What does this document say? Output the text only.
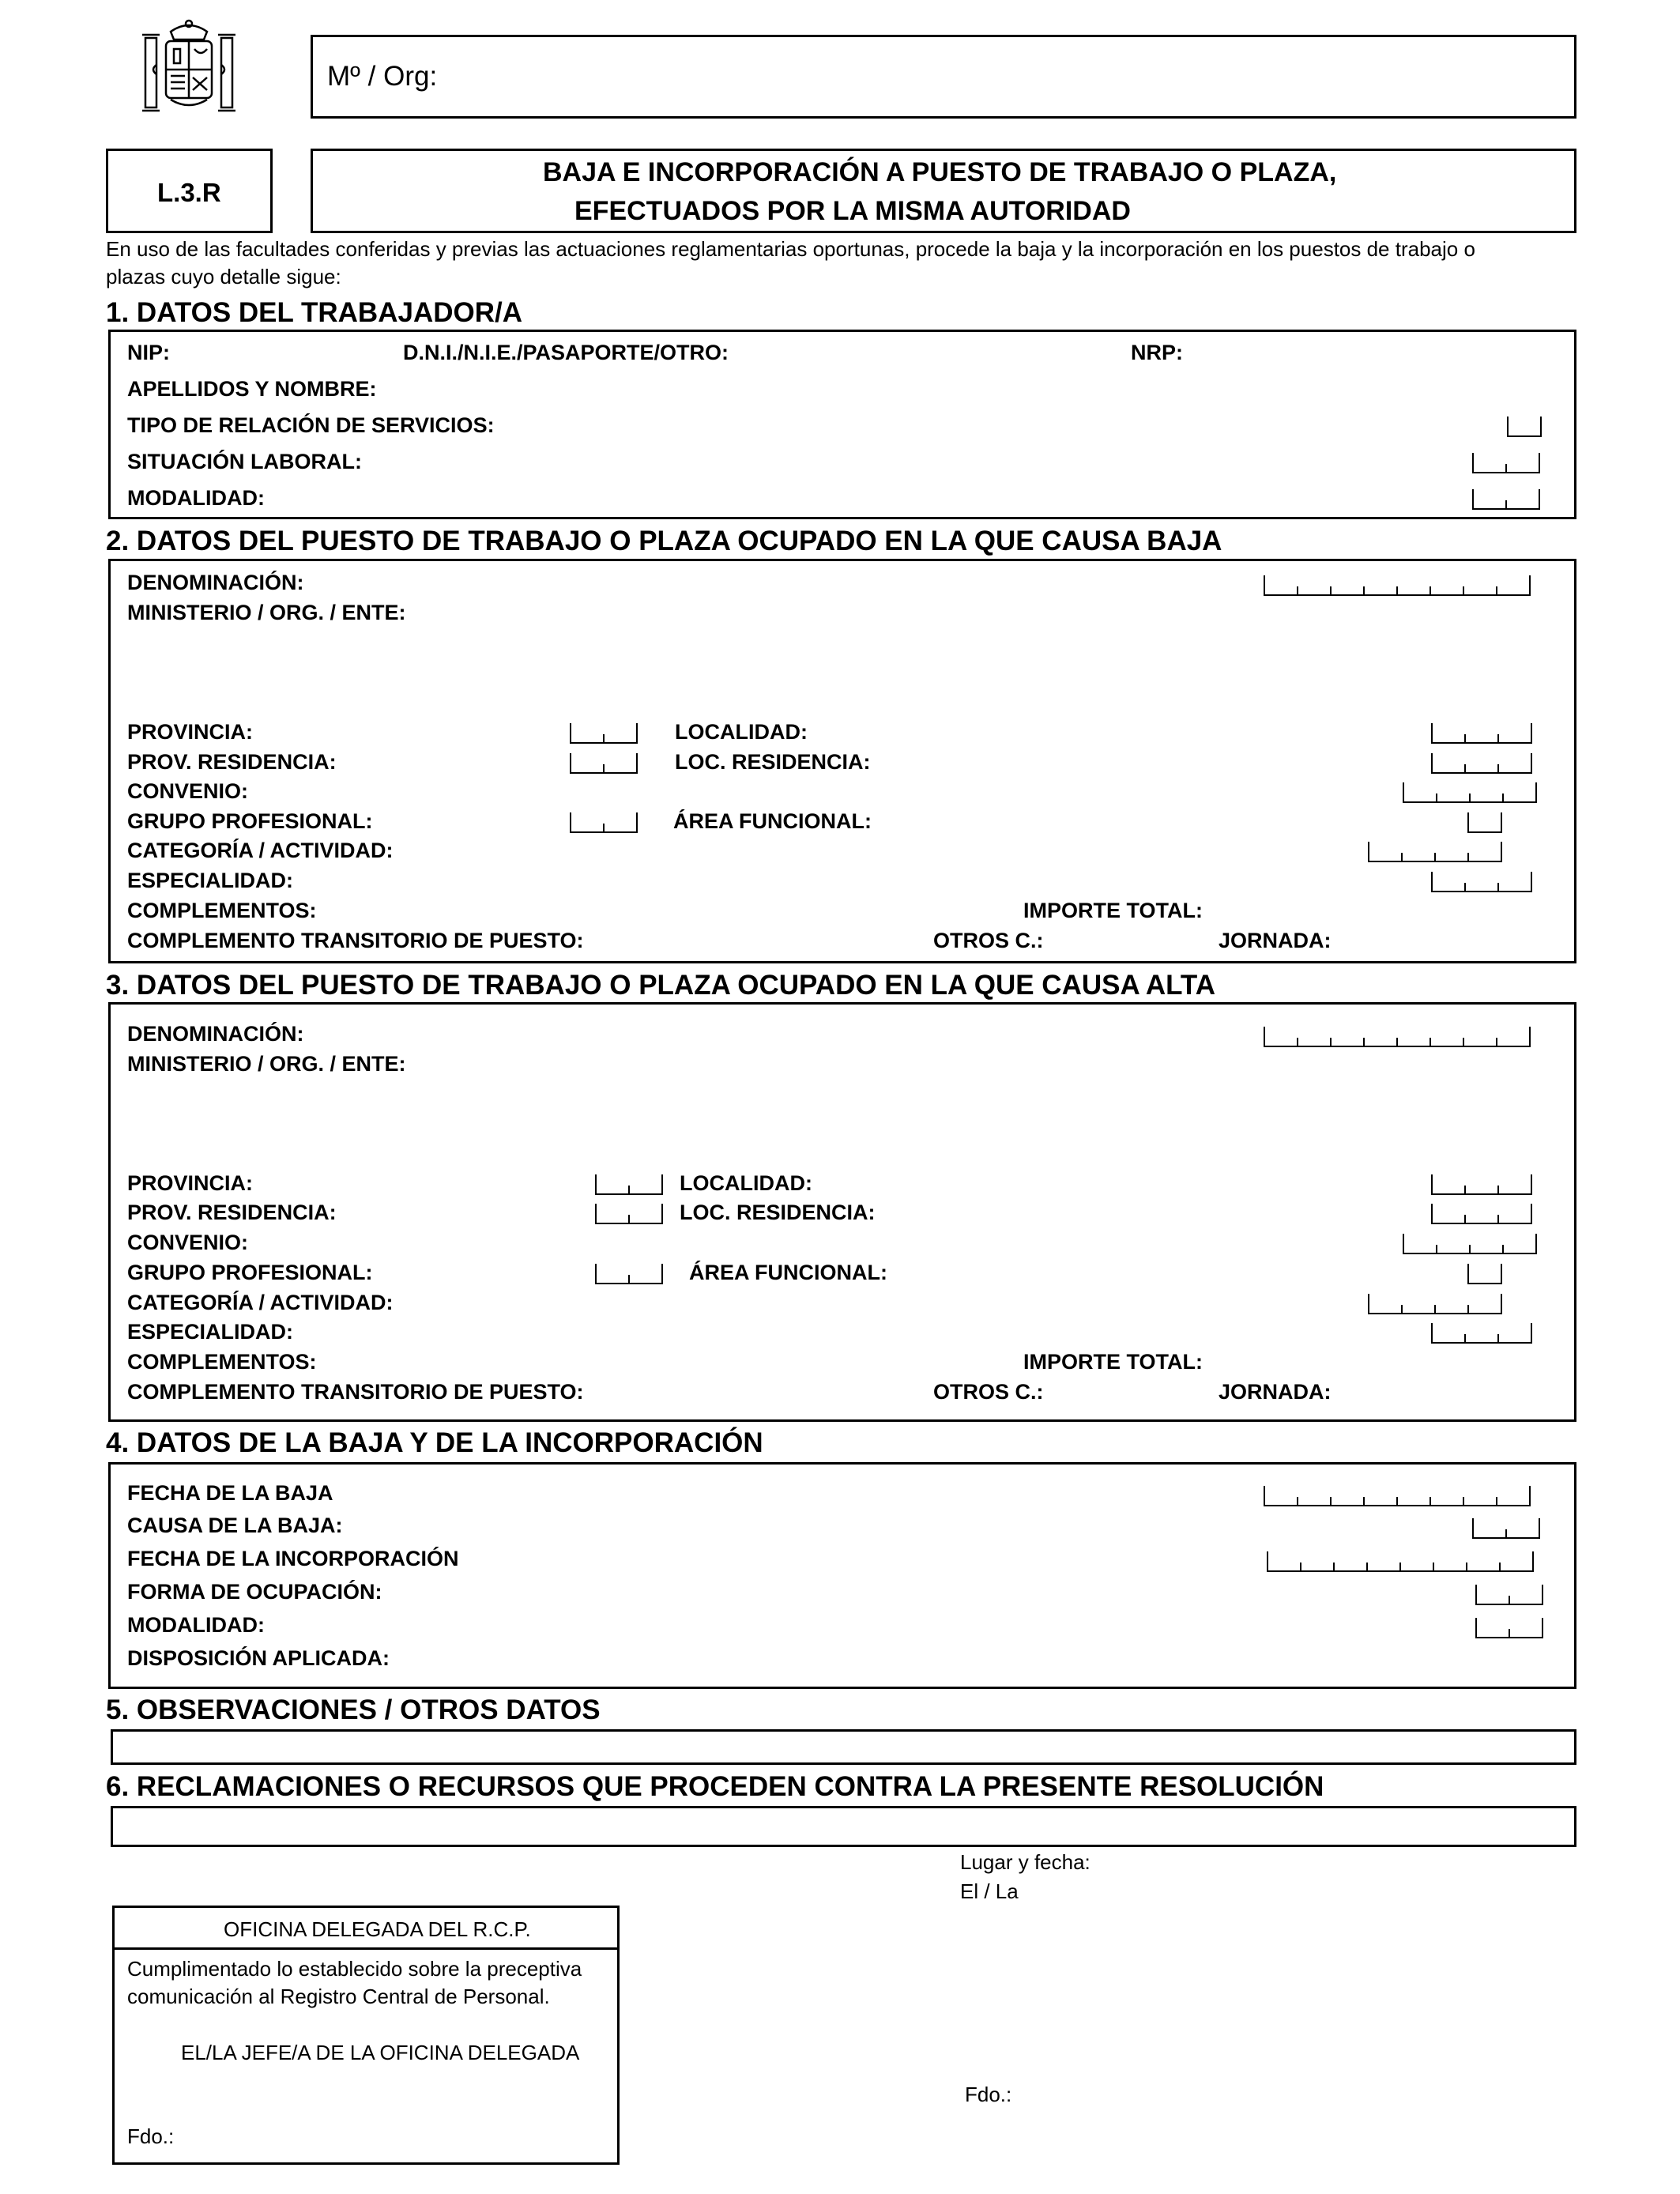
Mº / Org:
L.3.R
BAJA E INCORPORACIÓN A PUESTO DE TRABAJO O PLAZA,
EFECTUADOS POR LA MISMA AUTORIDAD
En uso de las facultades conferidas y previas las actuaciones reglamentarias oportunas, procede la baja y la incorporación en los puestos de trabajo o
plazas cuyo detalle sigue:
1. DATOS DEL TRABAJADOR/A
NIP:	D.N.I./N.I.E./PASAPORTE/OTRO:	NRP:
APELLIDOS Y NOMBRE:
TIPO DE RELACIÓN DE SERVICIOS:
SITUACIÓN LABORAL:
MODALIDAD:
2. DATOS DEL PUESTO DE TRABAJO O PLAZA OCUPADO EN LA QUE CAUSA BAJA
DENOMINACIÓN:
MINISTERIO / ORG. / ENTE:
PROVINCIA:	LOCALIDAD:
PROV. RESIDENCIA:	LOC. RESIDENCIA:
CONVENIO:
GRUPO PROFESIONAL:	ÁREA FUNCIONAL:
CATEGORÍA / ACTIVIDAD:
ESPECIALIDAD:
COMPLEMENTOS:	IMPORTE TOTAL:
COMPLEMENTO TRANSITORIO DE PUESTO:	OTROS C.:	JORNADA:
3. DATOS DEL PUESTO DE TRABAJO O PLAZA OCUPADO EN LA QUE CAUSA ALTA
DENOMINACIÓN:
MINISTERIO / ORG. / ENTE:
PROVINCIA:	LOCALIDAD:
PROV. RESIDENCIA:	LOC. RESIDENCIA:
CONVENIO:
GRUPO PROFESIONAL:	ÁREA FUNCIONAL:
CATEGORÍA / ACTIVIDAD:
ESPECIALIDAD:
COMPLEMENTOS:	IMPORTE TOTAL:
COMPLEMENTO TRANSITORIO DE PUESTO:	OTROS C.:	JORNADA:
4. DATOS DE LA BAJA Y DE LA INCORPORACIÓN
FECHA DE LA BAJA
CAUSA DE LA BAJA:
FECHA DE LA INCORPORACIÓN
FORMA DE OCUPACIÓN:
MODALIDAD:
DISPOSICIÓN APLICADA:
5. OBSERVACIONES / OTROS DATOS
6. RECLAMACIONES O RECURSOS QUE PROCEDEN CONTRA LA PRESENTE RESOLUCIÓN
Lugar y fecha:
El / La
Fdo.:
OFICINA DELEGADA DEL R.C.P.
Cumplimentado lo establecido sobre la preceptiva
comunicación al Registro Central de Personal.
EL/LA JEFE/A DE LA OFICINA DELEGADA
Fdo.:
